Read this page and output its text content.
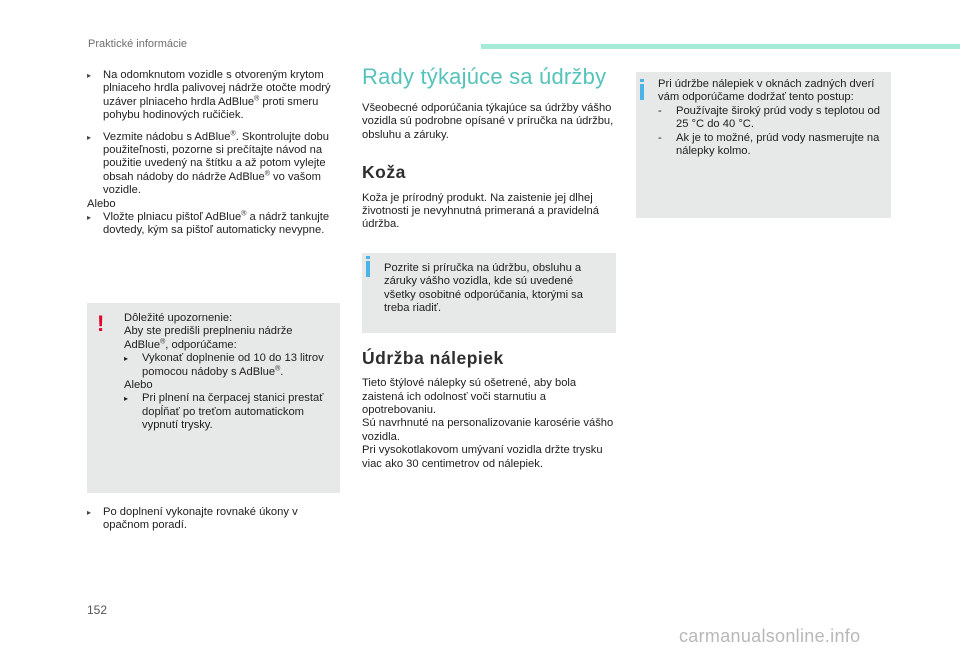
Praktické informácie

▸ Na odomknutom vozidle s otvoreným krytom plniaceho hrdla palivovej nádrže otočte modrý uzáver plniaceho hrdla AdBlue® proti smeru pohybu hodinových ručičiek.

▸ Vezmite nádobu s AdBlue®. Skontrolujte dobu použiteľnosti, pozorne si prečítajte návod na použitie uvedený na štítku a až potom vylejte obsah nádoby do nádrže AdBlue® vo vašom vozidle.

Alebo

▸ Vložte plniacu pištoľ AdBlue® a nádrž tankujte dovtedy, kým sa pištoľ automaticky nevypne.

! Dôležité upozornenie:
Aby ste predišli preplneniu nádrže AdBlue®, odporúčame:
▸ Vykonať doplnenie od 10 do 13 litrov pomocou nádoby s AdBlue®.
Alebo
▸ Pri plnení na čerpacej stanici prestať dopĺňať po treťom automatickom vypnutí trysky.

▸ Po doplnení vykonajte rovnaké úkony v opačnom poradí.

Rady týkajúce sa údržby

Všeobecné odporúčania týkajúce sa údržby vášho vozidla sú podrobne opísané v príručka na údržbu, obsluhu a záruky.

Koža

Koža je prírodný produkt. Na zaistenie jej dlhej životnosti je nevyhnutná primeraná a pravidelná údržba.

Pozrite si príručka na údržbu, obsluhu a záruky vášho vozidla, kde sú uvedené všetky osobitné odporúčania, ktorými sa treba riadiť.

Údržba nálepiek

Tieto štýlové nálepky sú ošetrené, aby bola zaistená ich odolnosť voči starnutiu a opotrebovaniu.

Sú navrhnuté na personalizovanie karosérie vášho vozidla.

Pri vysokotlakovom umývaní vozidla držte trysku viac ako 30 centimetrov od nálepiek.

Pri údržbe nálepiek v oknách zadných dverí vám odporúčame dodržať tento postup:
- Používajte široký prúd vody s teplotou od 25 °C do 40 °C.
- Ak je to možné, prúd vody nasmerujte na nálepky kolmo.
152
carmanualsonline.info
